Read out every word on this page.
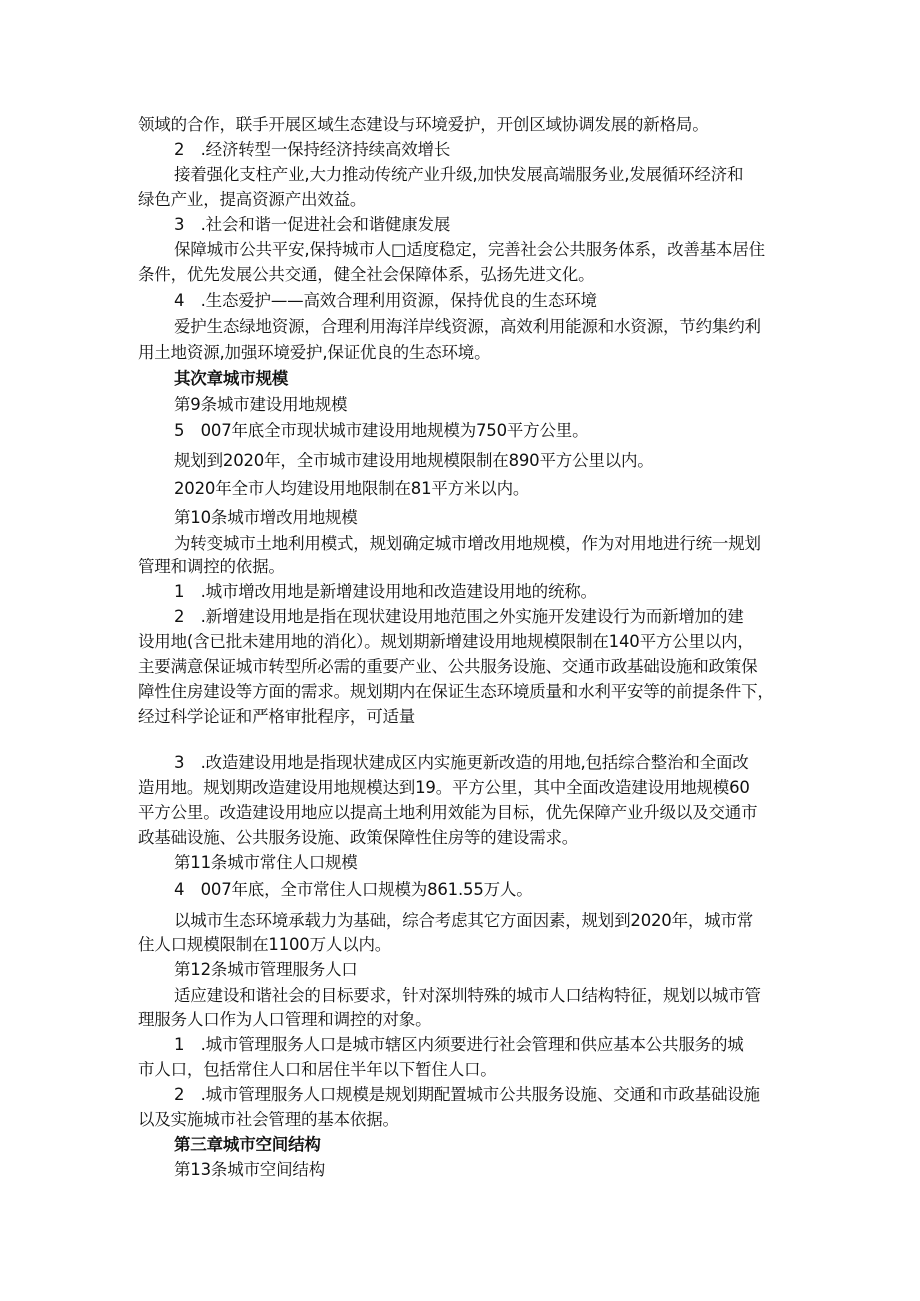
领域的合作，联手开展区域生态建设与环境爱护，开创区域协调发展的新格局。

2　.经济转型一保持经济持续高效增长

接着强化支柱产业,大力推动传统产业升级,加快发展高端服务业,发展循环经济和

绿色产业，提高资源产出效益。

3　.社会和谐一促进社会和谐健康发展

保障城市公共平安,保持城市人□适度稳定，完善社会公共服务体系，改善基本居住

条件，优先发展公共交通，健全社会保障体系，弘扬先进文化。

4　.生态爱护——高效合理利用资源，保持优良的生态环境

爱护生态绿地资源，合理利用海洋岸线资源，高效利用能源和水资源，节约集约利

用土地资源,加强环境爱护,保证优良的生态环境。

其次章城市规模

第9条城市建设用地规模

5　007年底全市现状城市建设用地规模为750平方公里。

规划到2020年，全市城市建设用地规模限制在890平方公里以内。

2020年全市人均建设用地限制在81平方米以内。

第10条城市增改用地规模

为转变城市土地利用模式，规划确定城市增改用地规模，作为对用地进行统一规划

管理和调控的依据。

1　.城市增改用地是新增建设用地和改造建设用地的统称。

2　.新增建设用地是指在现状建设用地范围之外实施开发建设行为而新增加的建

设用地(含已批未建用地的消化）。规划期新增建设用地规模限制在140平方公里以内，

主要满意保证城市转型所必需的重要产业、公共服务设施、交通市政基础设施和政策保

障性住房建设等方面的需求。规划期内在保证生态环境质量和水利平安等的前提条件下，

经过科学论证和严格审批程序，可适量

3　.改造建设用地是指现状建成区内实施更新改造的用地,包括综合整治和全面改

造用地。规划期改造建设用地规模达到19。平方公里，其中全面改造建设用地规模60

平方公里。改造建设用地应以提高土地利用效能为目标，优先保障产业升级以及交通市

政基础设施、公共服务设施、政策保障性住房等的建设需求。

第11条城市常住人口规模

4　007年底，全市常住人口规模为861.55万人。

以城市生态环境承载力为基础，综合考虑其它方面因素，规划到2020年，城市常

住人口规模限制在1100万人以内。

第12条城市管理服务人口

适应建设和谐社会的目标要求，针对深圳特殊的城市人口结构特征，规划以城市管

理服务人口作为人口管理和调控的对象。

1　.城市管理服务人口是城市辖区内须要进行社会管理和供应基本公共服务的城

市人口，包括常住人口和居住半年以下暂住人口。

2　.城市管理服务人口规模是规划期配置城市公共服务设施、交通和市政基础设施

以及实施城市社会管理的基本依据。

第三章城市空间结构

第13条城市空间结构
